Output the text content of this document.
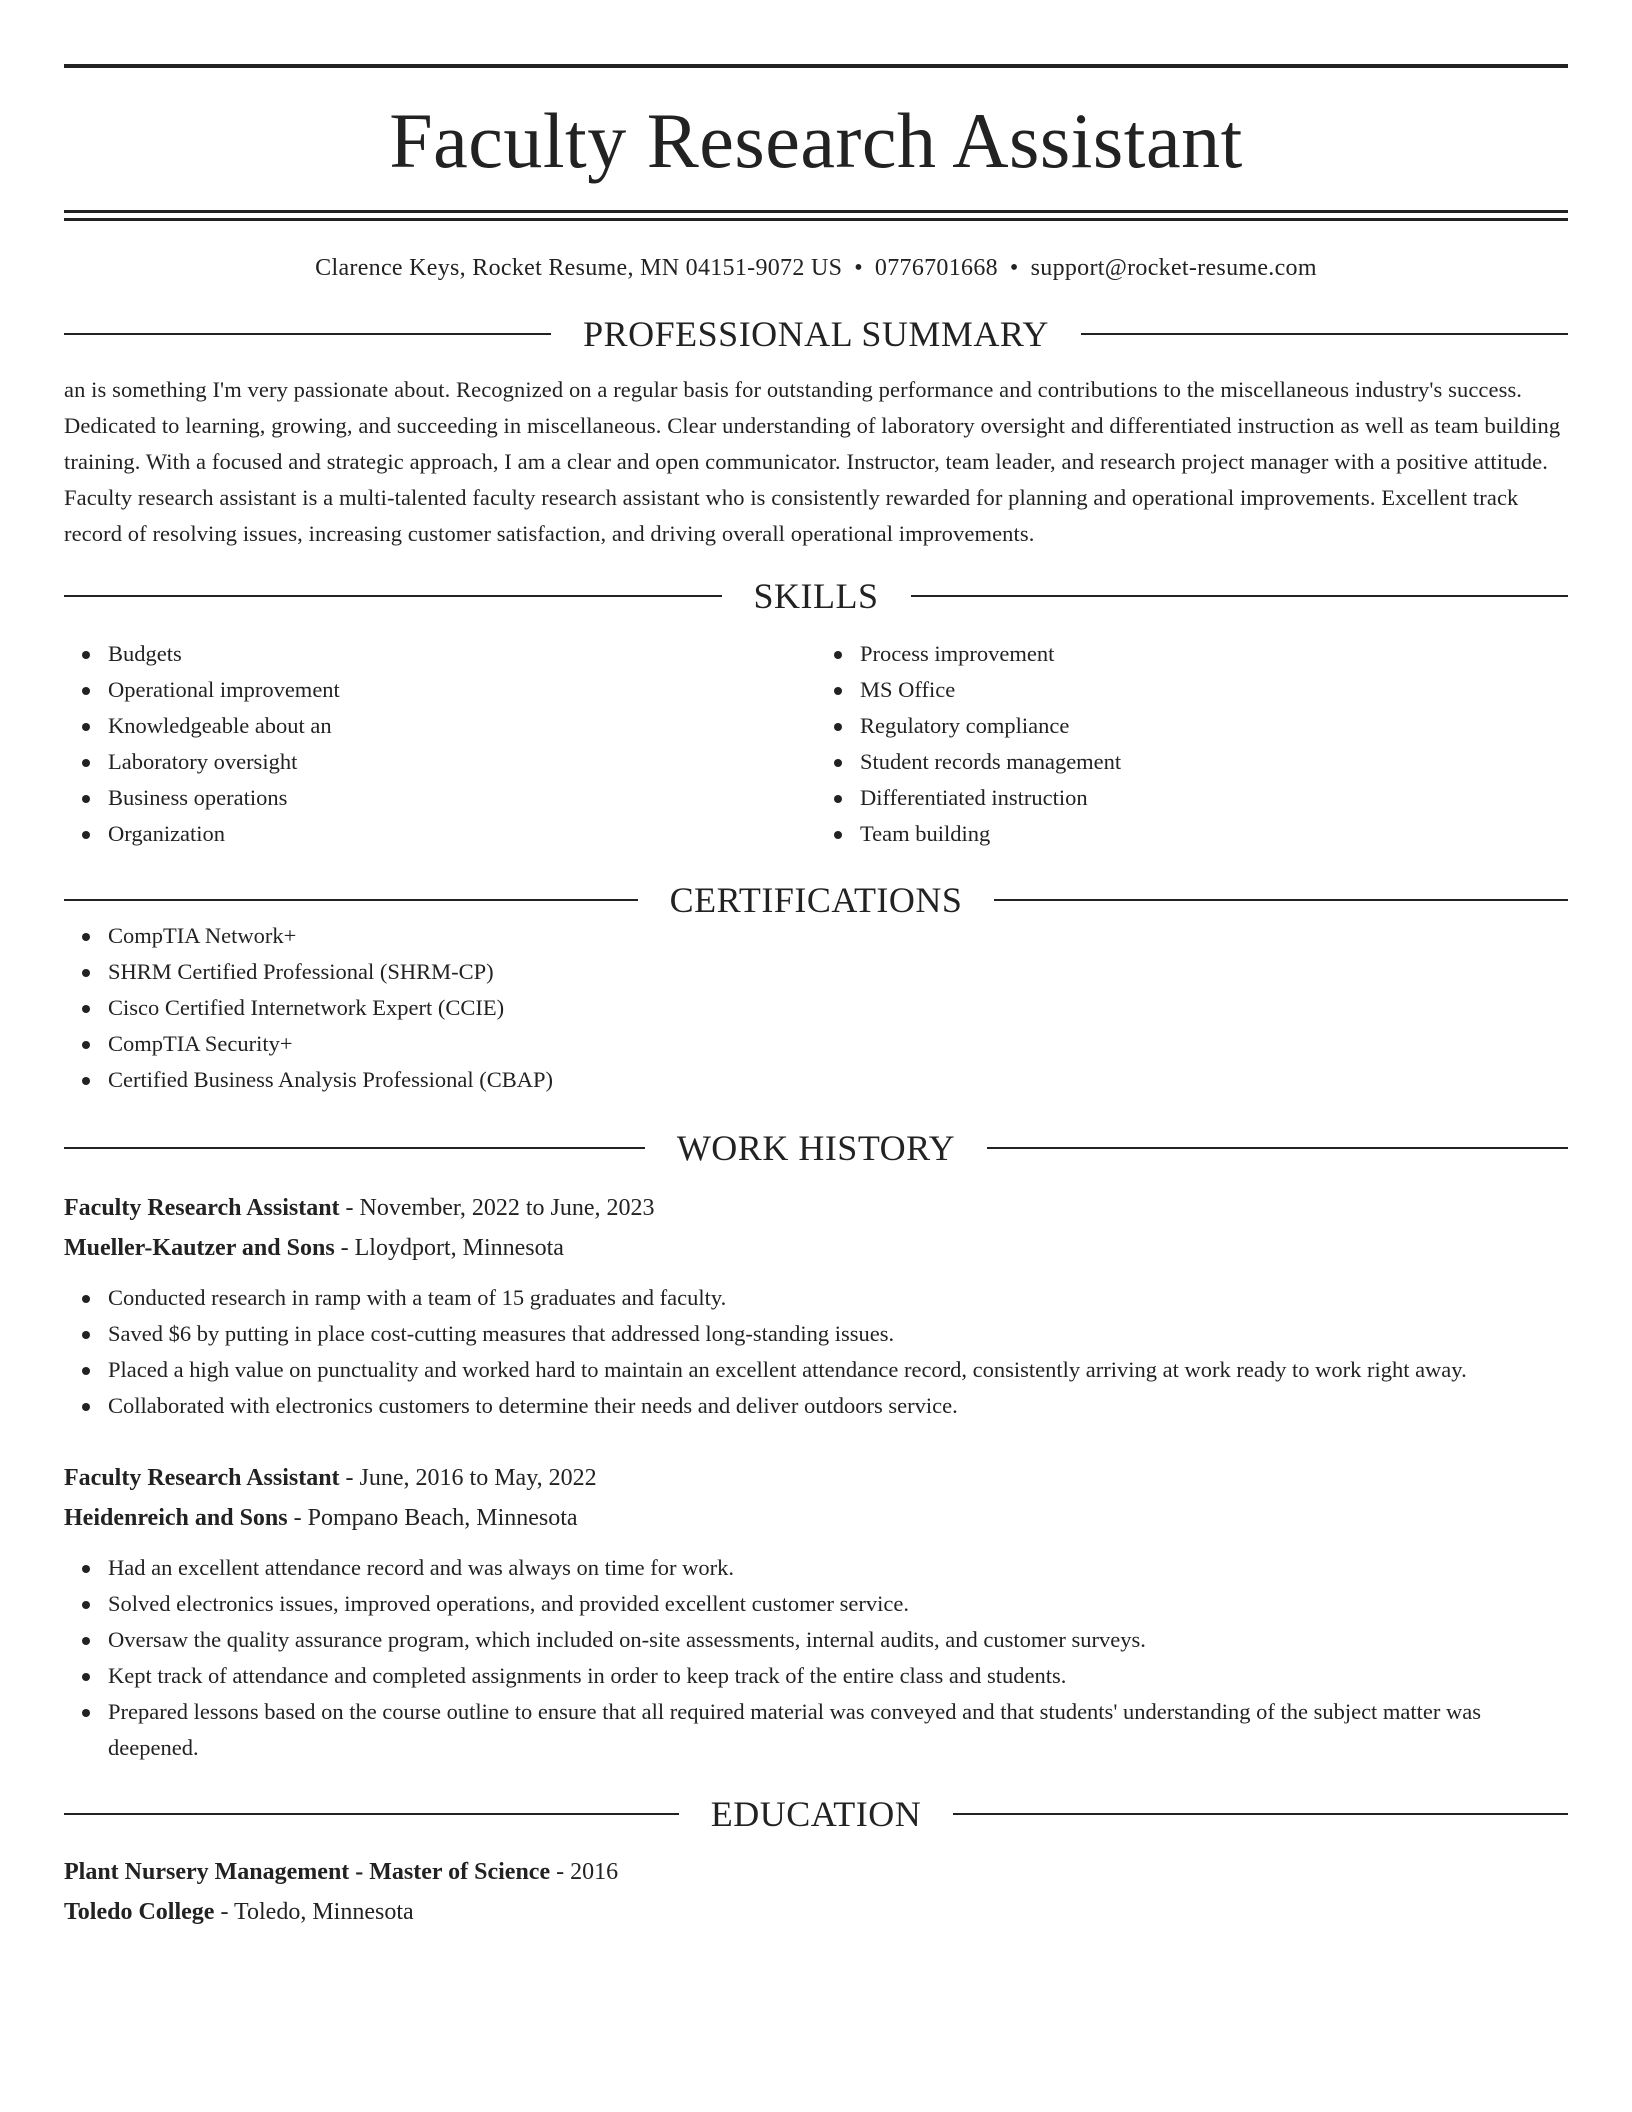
Faculty Research Assistant
Clarence Keys, Rocket Resume, MN 04151-9072 US • 0776701668 • support@rocket-resume.com
PROFESSIONAL SUMMARY
an is something I'm very passionate about. Recognized on a regular basis for outstanding performance and contributions to the miscellaneous industry's success. Dedicated to learning, growing, and succeeding in miscellaneous. Clear understanding of laboratory oversight and differentiated instruction as well as team building training. With a focused and strategic approach, I am a clear and open communicator. Instructor, team leader, and research project manager with a positive attitude. Faculty research assistant is a multi-talented faculty research assistant who is consistently rewarded for planning and operational improvements. Excellent track record of resolving issues, increasing customer satisfaction, and driving overall operational improvements.
SKILLS
Budgets
Operational improvement
Knowledgeable about an
Laboratory oversight
Business operations
Organization
Process improvement
MS Office
Regulatory compliance
Student records management
Differentiated instruction
Team building
CERTIFICATIONS
CompTIA Network+
SHRM Certified Professional (SHRM-CP)
Cisco Certified Internetwork Expert (CCIE)
CompTIA Security+
Certified Business Analysis Professional (CBAP)
WORK HISTORY
Faculty Research Assistant - November, 2022 to June, 2023
Mueller-Kautzer and Sons - Lloydport, Minnesota
Conducted research in ramp with a team of 15 graduates and faculty.
Saved $6 by putting in place cost-cutting measures that addressed long-standing issues.
Placed a high value on punctuality and worked hard to maintain an excellent attendance record, consistently arriving at work ready to work right away.
Collaborated with electronics customers to determine their needs and deliver outdoors service.
Faculty Research Assistant - June, 2016 to May, 2022
Heidenreich and Sons - Pompano Beach, Minnesota
Had an excellent attendance record and was always on time for work.
Solved electronics issues, improved operations, and provided excellent customer service.
Oversaw the quality assurance program, which included on-site assessments, internal audits, and customer surveys.
Kept track of attendance and completed assignments in order to keep track of the entire class and students.
Prepared lessons based on the course outline to ensure that all required material was conveyed and that students' understanding of the subject matter was deepened.
EDUCATION
Plant Nursery Management - Master of Science - 2016
Toledo College - Toledo, Minnesota
